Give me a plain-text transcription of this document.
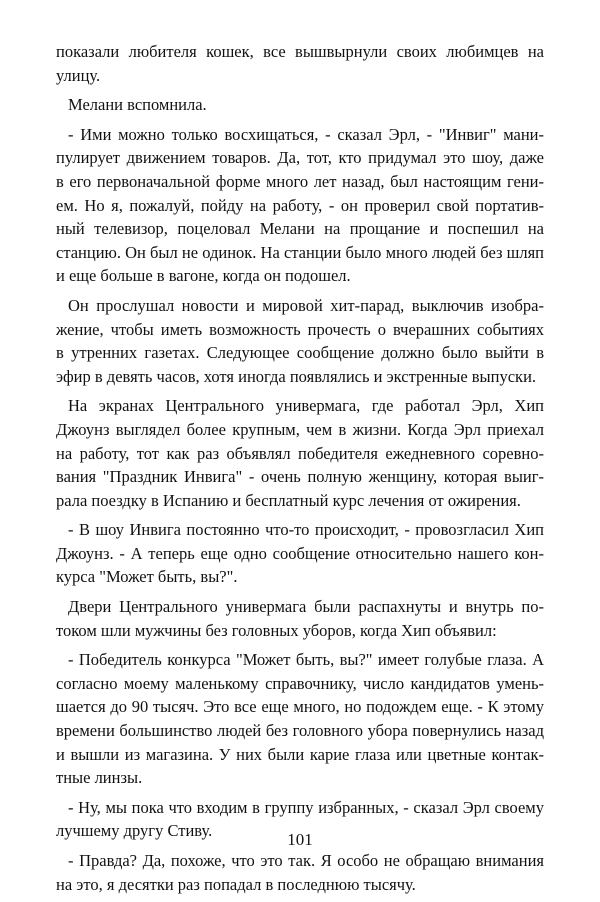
показали любителя кошек, все вышвырнули своих любимцев на
улицу.
Мелани вспомнила.
- Ими можно только восхищаться, - сказал Эрл, - "Инвиг" мани-
пулирует движением товаров. Да, тот, кто придумал это шоу, даже
в его первоначальной форме много лет назад, был настоящим гени-
ем. Но я, пожалуй, пойду на работу, - он проверил свой портатив-
ный телевизор, поцеловал Мелани на прощание и поспешил на
станцию. Он был не одинок. На станции было много людей без шляп
и еще больше в вагоне, когда он подошел.
Он прослушал новости и мировой хит-парад, выключив изобра-
жение, чтобы иметь возможность прочесть о вчерашних событиях
в утренних газетах. Следующее сообщение должно было выйти в
эфир в девять часов, хотя иногда появлялись и экстренные выпуски.
На экранах Центрального универмага, где работал Эрл, Хип
Джоунз выглядел более крупным, чем в жизни. Когда Эрл приехал
на работу, тот как раз объявлял победителя ежедневного соревно-
вания "Праздник Инвига" - очень полную женщину, которая выиг-
рала поездку в Испанию и бесплатный курс лечения от ожирения.
- В шоу Инвига постоянно что-то происходит, - провозгласил Хип
Джоунз. - А теперь еще одно сообщение относительно нашего кон-
курса "Может быть, вы?".
Двери Центрального универмага были распахнуты и внутрь по-
током шли мужчины без головных уборов, когда Хип объявил:
- Победитель конкурса "Может быть, вы?" имеет голубые глаза. А
согласно моему маленькому справочнику, число кандидатов умень-
шается до 90 тысяч. Это все еще много, но подождем еще. - К этому
времени большинство людей без головного убора повернулись назад
и вышли из магазина. У них были карие глаза или цветные контак-
тные линзы.
- Ну, мы пока что входим в группу избранных, - сказал Эрл своему
лучшему другу Стиву.
- Правда? Да, похоже, что это так. Я особо не обращаю внимания
на это, я десятки раз попадал в последнюю тысячу.
101
